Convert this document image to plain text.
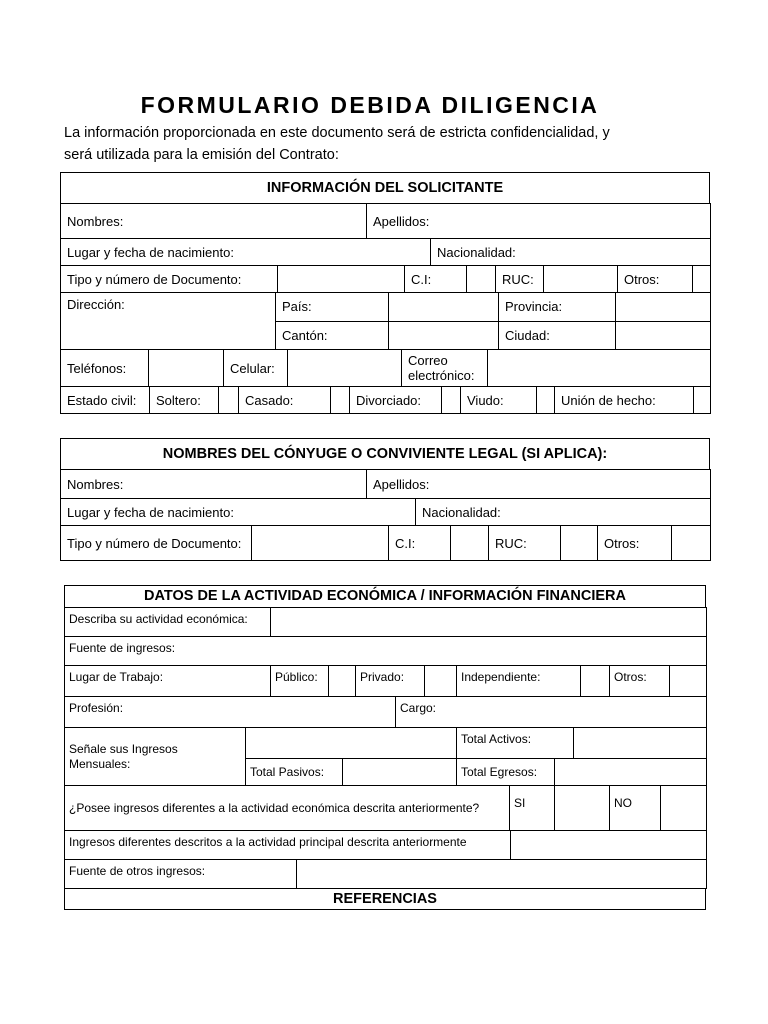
FORMULARIO DEBIDA DILIGENCIA
La información proporcionada en este documento será de estricta confidencialidad, y
será utilizada para la emisión del Contrato:
INFORMACIÓN DEL SOLICITANTE
Nombres:	Apellidos:
Lugar y fecha de nacimiento:	Nacionalidad:
Tipo y número de Documento:		C.I:		RUC:		Otros:	
Dirección:	País:		Provincia:	
	Cantón:		Ciudad:	
Teléfonos:		Celular:		Correo electrónico:	
Estado civil:	Soltero:		Casado:		Divorciado:		Viudo:		Unión de hecho:	
NOMBRES DEL CÓNYUGE O CONVIVIENTE LEGAL (SI APLICA):
Nombres:	Apellidos:
Lugar y fecha de nacimiento:	Nacionalidad:
Tipo y número de Documento:		C.I:		RUC:		Otros:	
DATOS DE LA ACTIVIDAD ECONÓMICA / INFORMACIÓN FINANCIERA
Describa su actividad económica:	
Fuente de ingresos:
Lugar de Trabajo:	Público:		Privado:		Independiente:		Otros:	
Profesión:	Cargo:
Señale sus Ingresos Mensuales:			Total Activos:		
	Total Pasivos:		Total Egresos:		
¿Posee ingresos diferentes a la actividad económica descrita anteriormente?	SI		NO	
Ingresos diferentes descritos a la actividad principal descrita anteriormente	
Fuente de otros ingresos:	
REFERENCIAS
